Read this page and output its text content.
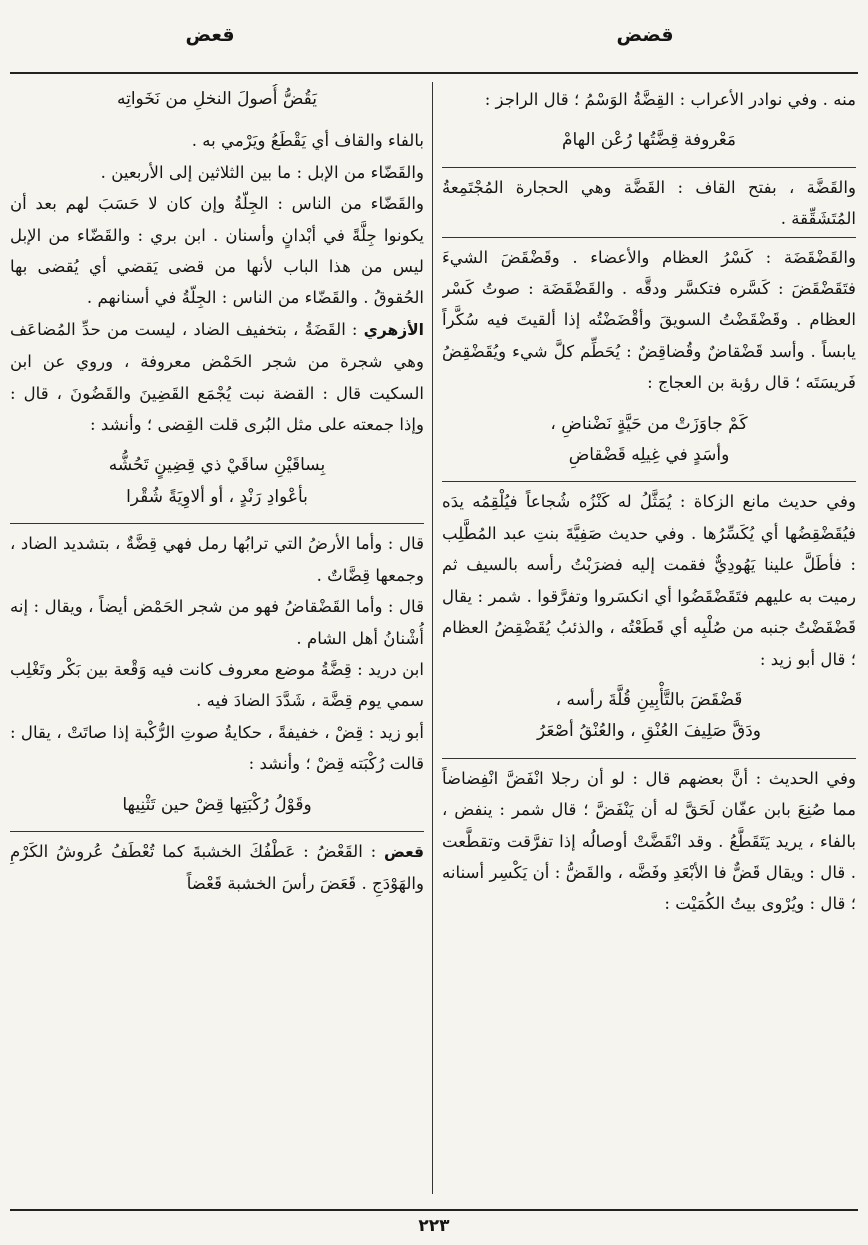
قضض
قعض

منه . وفي نوادر الأعراب : القِضَّةُ الوَسْمُ ؛ قال الراجز :

مَعْروفة قِضَّتُها رُعْن الهامْ

والقَضَّة ، بفتح القاف : القَضَّة وهي الحجارة المُجْتَمِعةُ المُتَشَقِّقة .

والقَضْقَضَة : كَسْرُ العظام والأعضاء . وقَضْقَضَ الشيءَ فتَقَضْقَضَ : كَسَّره فتكسَّر ودقَّه . والقَضْقَضَة : صوتُ كَسْر العظام . وقَضْقَضْتُ السويقَ وأقْضَضْتُه إذا ألقيتَ فيه سُكَّراً يابساً . وأسد قَضْقاضٌ وقُضاقِضٌ : يُحَطِّم كلَّ شيء ويُقَضْقِضُ فَريسَتَه ؛ قال رؤبة بن العجاج :

كَمْ جاوَزَتْ من حَيَّةٍ نَضْناضِ ،

وأسَدٍ في غِيلِه قَضْقاضِ

وفي حديث مانع الزكاة : يُمَثَّلُ له كَنْزُه شُجاعاً فيُلْقِمُه يدَه فيُقَضْقِضُها أي يُكَسِّرُها . وفي حديث صَفِيَّةَ بنتِ عبد المُطَّلِب : فأطَلَّ علينا يَهُودِيٌّ فقمت إليه فضرَبْتُ رأسه بالسيف ثم رميت به عليهم فتَقَضْقَضُوا أي انكسَروا وتفرَّقوا . شمر : يقال قَضْقَضْتُ جنبه من صُلْبِه أي قَطَعْتُه ، والذئبُ يُقَضْقِضُ العظام ؛ قال أبو زيد :

قَضْقَضَ بالتَّأْبِينِ قُلَّةَ رأسه ،

ودَقَّ صَلِيفَ العُنْقِ ، والعُنْقُ أصْعَرُ

وفي الحديث : أنَّ بعضهم قال : لو أن رجلا انْفَضَّ انْفِضاضاً مما صُنِعَ بابن عفّان لَحَقَّ له أن يَنْفَضَّ ؛ قال شمر : ينفض ، بالفاء ، يريد يَتَقَطَّعُ . وقد انْقَضَّتْ أوصالُه إذا تفرَّقت وتقطَّعت . قال : ويقال قَضٌّ فا الأبْعَدِ وفَضَّه ، والقَضُّ : أن يَكْسِر أسنانه ؛ قال : ويُرْوى بيتُ الكُمَيْت :

يَقُضُّ أُصولَ النخلِ من نَخَواتِه

بالفاء والقاف أي يَقْطَعُ ويَرْمي به .

والقَضّاء من الإبل : ما بين الثلاثين إلى الأربعين .

والقَضّاء من الناس : الجِلّةُ وإن كان لا حَسَبَ لهم بعد أن يكونوا جِلَّةً في أبْدانٍ وأسنان . ابن بري : والقَضّاء من الإبل ليس من هذا الباب لأنها من قضى يَقضي أي يُقضى بها الحُقوقُ . والقَضّاء من الناس : الجِلّةُ في أسنانهم .

الأزهري : القَضَةُ ، بتخفيف الضاد ، ليست من حدِّ المُضاعَف وهي شجرة من شجر الحَمْض معروفة ، وروي عن ابن السكيت قال : القضة نبت يُجْمَع القَضِينَ والقَضُونَ ، قال : وإذا جمعته على مثل البُرى قلت القِضى ؛ وأنشد :

بِساقَيْنِ ساقَيْ ذي قِضِينٍ تَحُشُّه

بأعْوادِ رَنْدٍ ، أو ألاوِيَةً شُقْرا

قال : وأما الأرضُ التي ترابُها رمل فهي قِضَّةٌ ، بتشديد الضاد ، وجمعها قِضَّاتٌ .

قال : وأما القَضْقاضُ فهو من شجر الحَمْض أيضاً ، ويقال : إنه أُشْنانُ أهل الشام .

ابن دريد : قِضَّةُ موضع معروف كانت فيه وَقْعة بين بَكْر وتَغْلِب سمي يوم قِضَّة ، شَدَّدَ الضادَ فيه .

أبو زيد : قِضْ ، خفيفةً ، حكايةُ صوتِ الرُّكْبة إذا صاتَتْ ، يقال : قالت رُكْبَته قِضْ ؛ وأنشد :

وقَوْلُ رُكْبَتِها قِضْ حين تَثْنِيها

قعض : القَعْضُ : عَطْفُكَ الخشبةَ كما تُعْطَفُ عُروشُ الكَرْمِ والهَوْدَجِ . قَعَضَ رأسَ الخشبة قَعْضاً

٢٢٣
